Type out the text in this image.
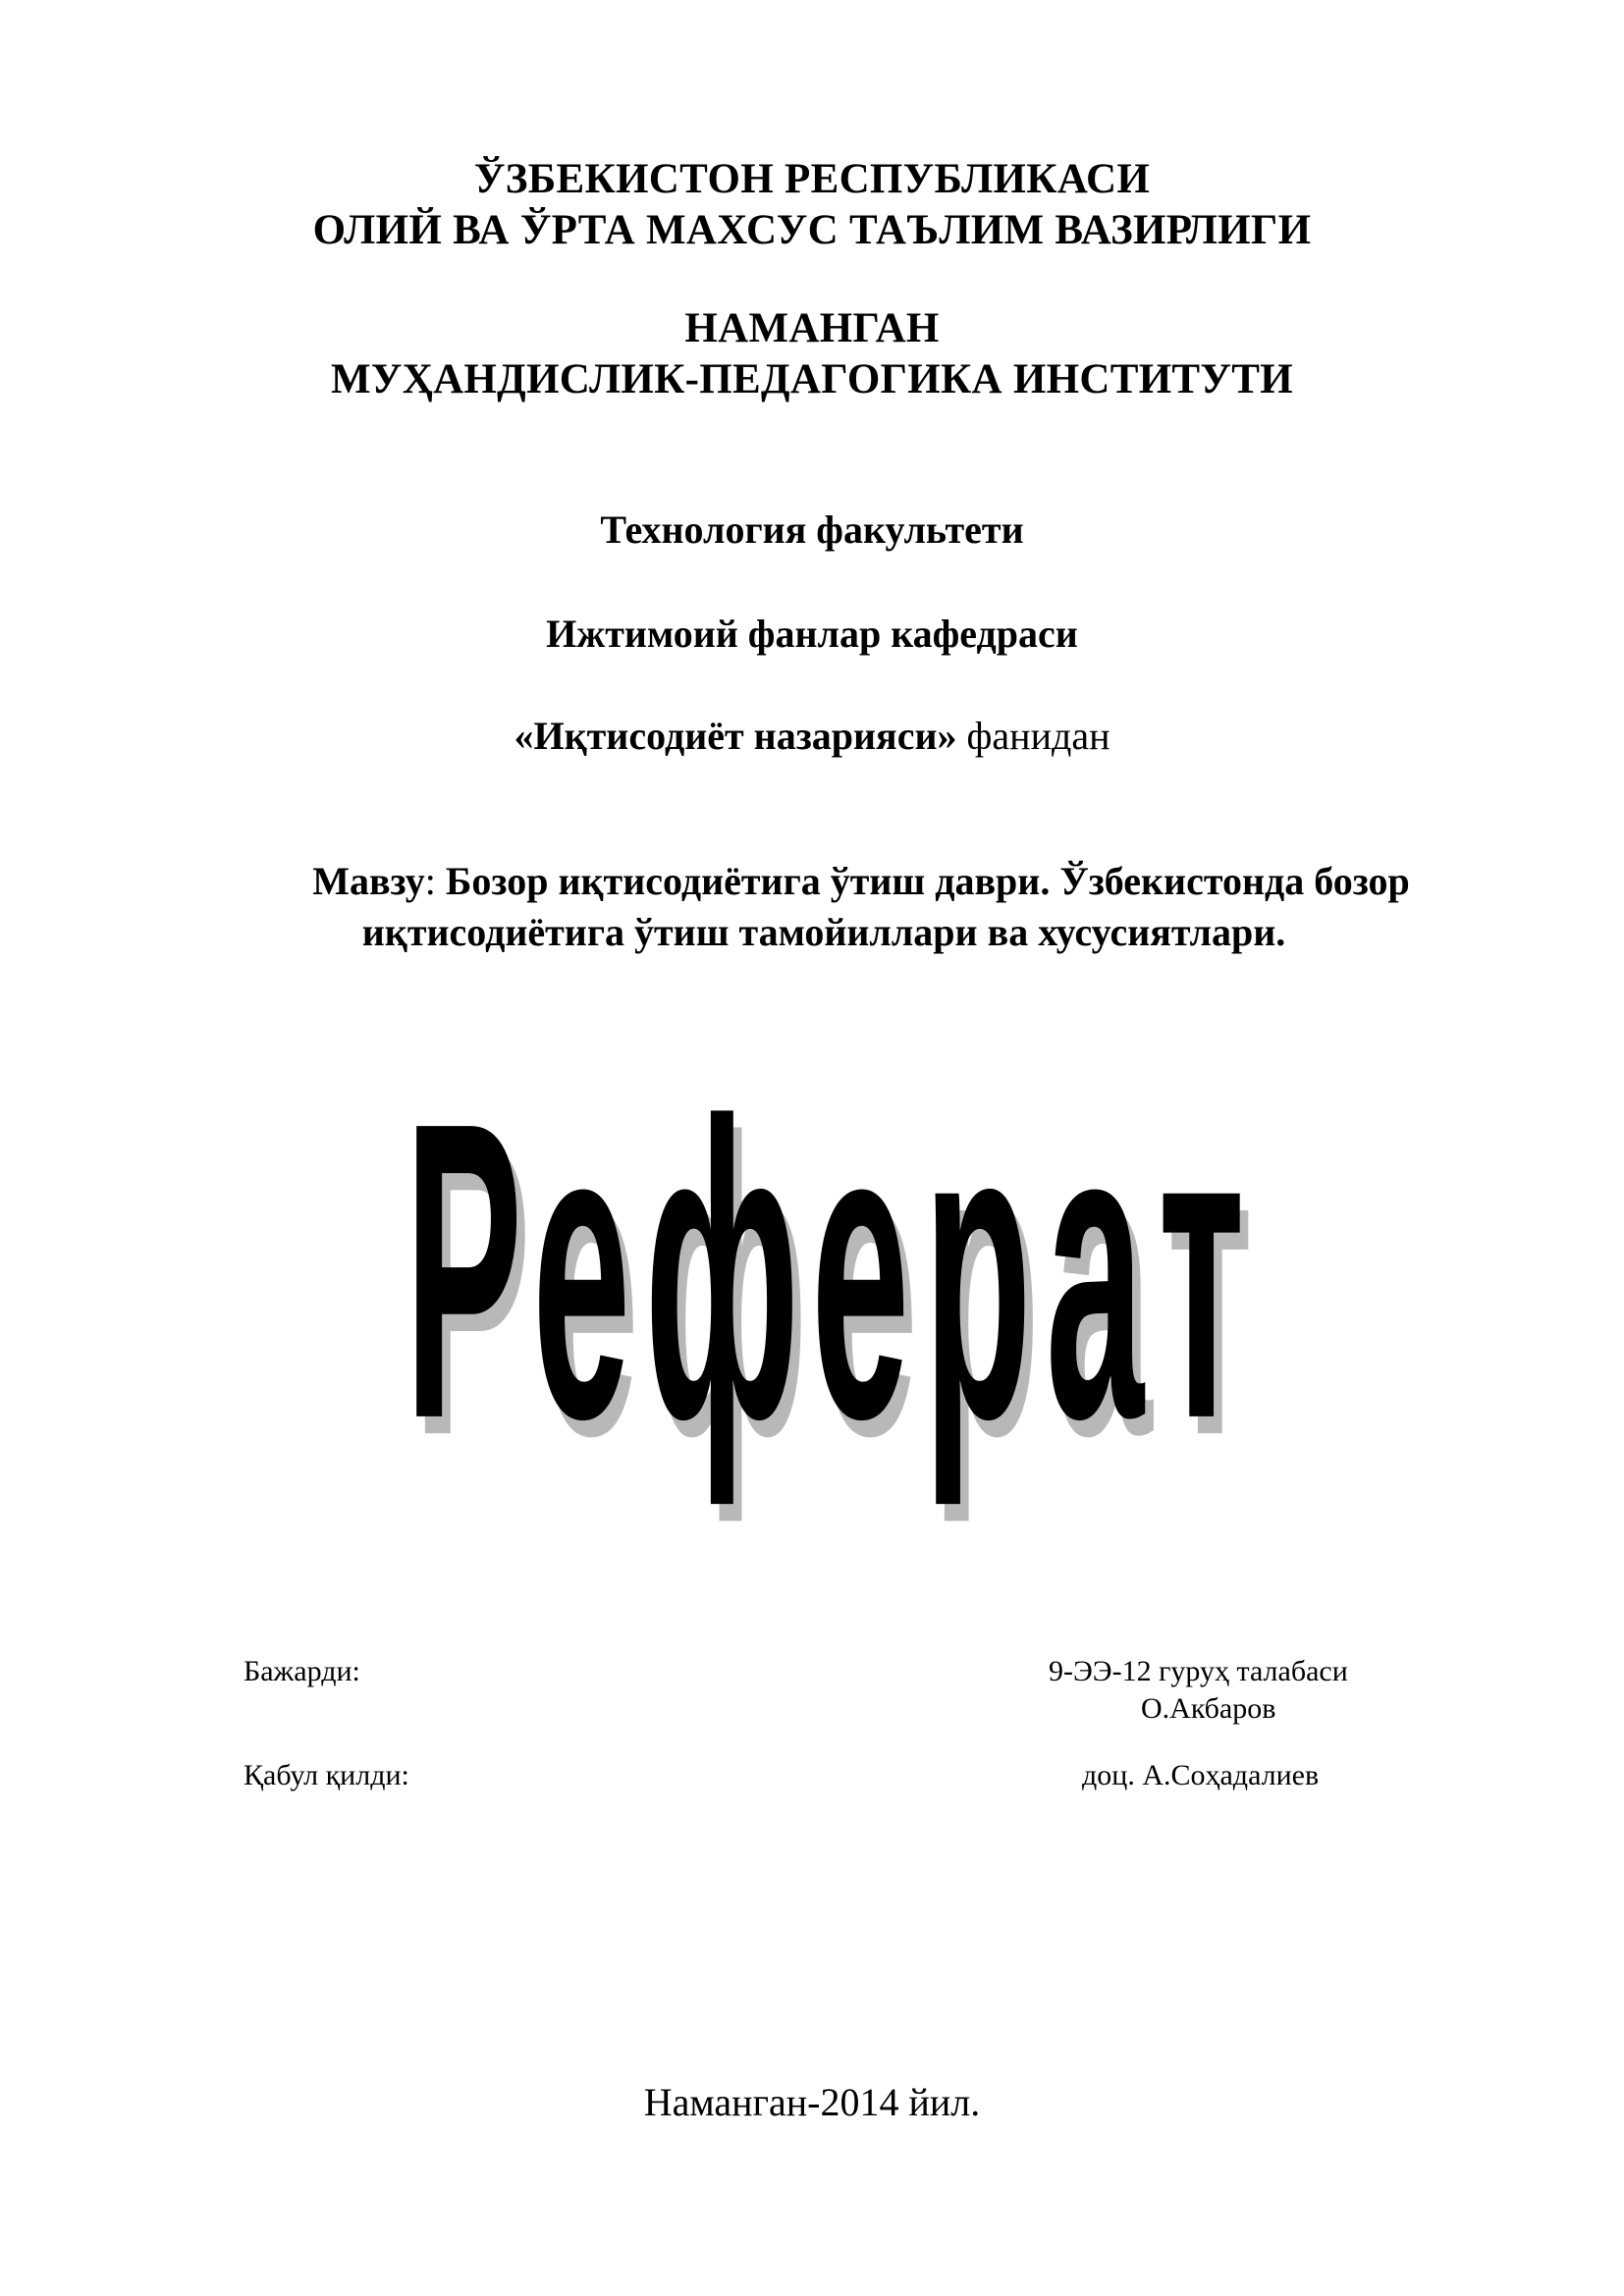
ЎЗБЕКИСТОН РЕСПУБЛИКАСИ
ОЛИЙ ВА ЎРТА МАХСУС ТАЪЛИМ ВАЗИРЛИГИ
НАМАНГАН
МУҲАНДИСЛИК-ПЕДАГОГИКА ИНСТИТУТИ
Технология факультети
Ижтимоий фанлар кафедраси
«Иқтисодиёт назарияси» фанидан
Мавзу: Бозор иқтисодиётига ўтиш даври. Ўзбекистонда бозор
иқтисодиётига ўтиш тамойиллари ва хусусиятлари.
Реферат
Бажарди:	9-ЭЭ-12 гуруҳ талабаси
О.Акбаров
Қабул қилди:	доц. А.Соҳадалиев
Наманган-2014 йил.
